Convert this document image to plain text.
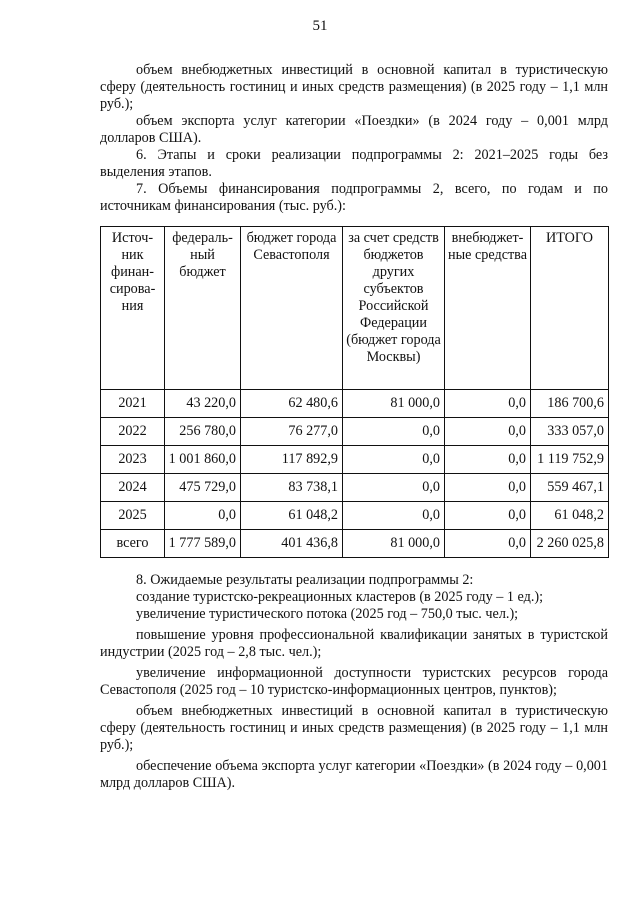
51

объем внебюджетных инвестиций в основной капитал в туристическую сферу (деятельность гостиниц и иных средств размещения) (в 2025 году – 1,1 млн руб.);

объем экспорта услуг категории «Поездки» (в 2024 году – 0,001 млрд долларов США).

6. Этапы и сроки реализации подпрограммы 2: 2021–2025 годы без выделения этапов.

7. Объемы финансирования подпрограммы 2, всего, по годам и по источникам финансирования (тыс. руб.):

Источ- ник финан- сирова- ния	федераль- ный бюджет	бюджет города Севастополя	за счет средств бюджетов других субъектов Российской Федерации (бюджет города Москвы)	внебюджет- ные средства	ИТОГО
2021	43 220,0	62 480,6	81 000,0	0,0	186 700,6
2022	256 780,0	76 277,0	0,0	0,0	333 057,0
2023	1 001 860,0	117 892,9	0,0	0,0	1 119 752,9
2024	475 729,0	83 738,1	0,0	0,0	559 467,1
2025	0,0	61 048,2	0,0	0,0	61 048,2
всего	1 777 589,0	401 436,8	81 000,0	0,0	2 260 025,8

8. Ожидаемые результаты реализации подпрограммы 2:

создание туристско-рекреационных кластеров (в 2025 году – 1 ед.);

увеличение туристического потока (2025 год – 750,0 тыс. чел.);

повышение уровня профессиональной квалификации занятых в туристской индустрии (2025 год – 2,8 тыс. чел.);

увеличение информационной доступности туристских ресурсов города Севастополя (2025 год – 10 туристско-информационных центров, пунктов);

объем внебюджетных инвестиций в основной капитал в туристическую сферу (деятельность гостиниц и иных средств размещения) (в 2025 году – 1,1 млн руб.);

обеспечение объема экспорта услуг категории «Поездки» (в 2024 году – 0,001 млрд долларов США).
